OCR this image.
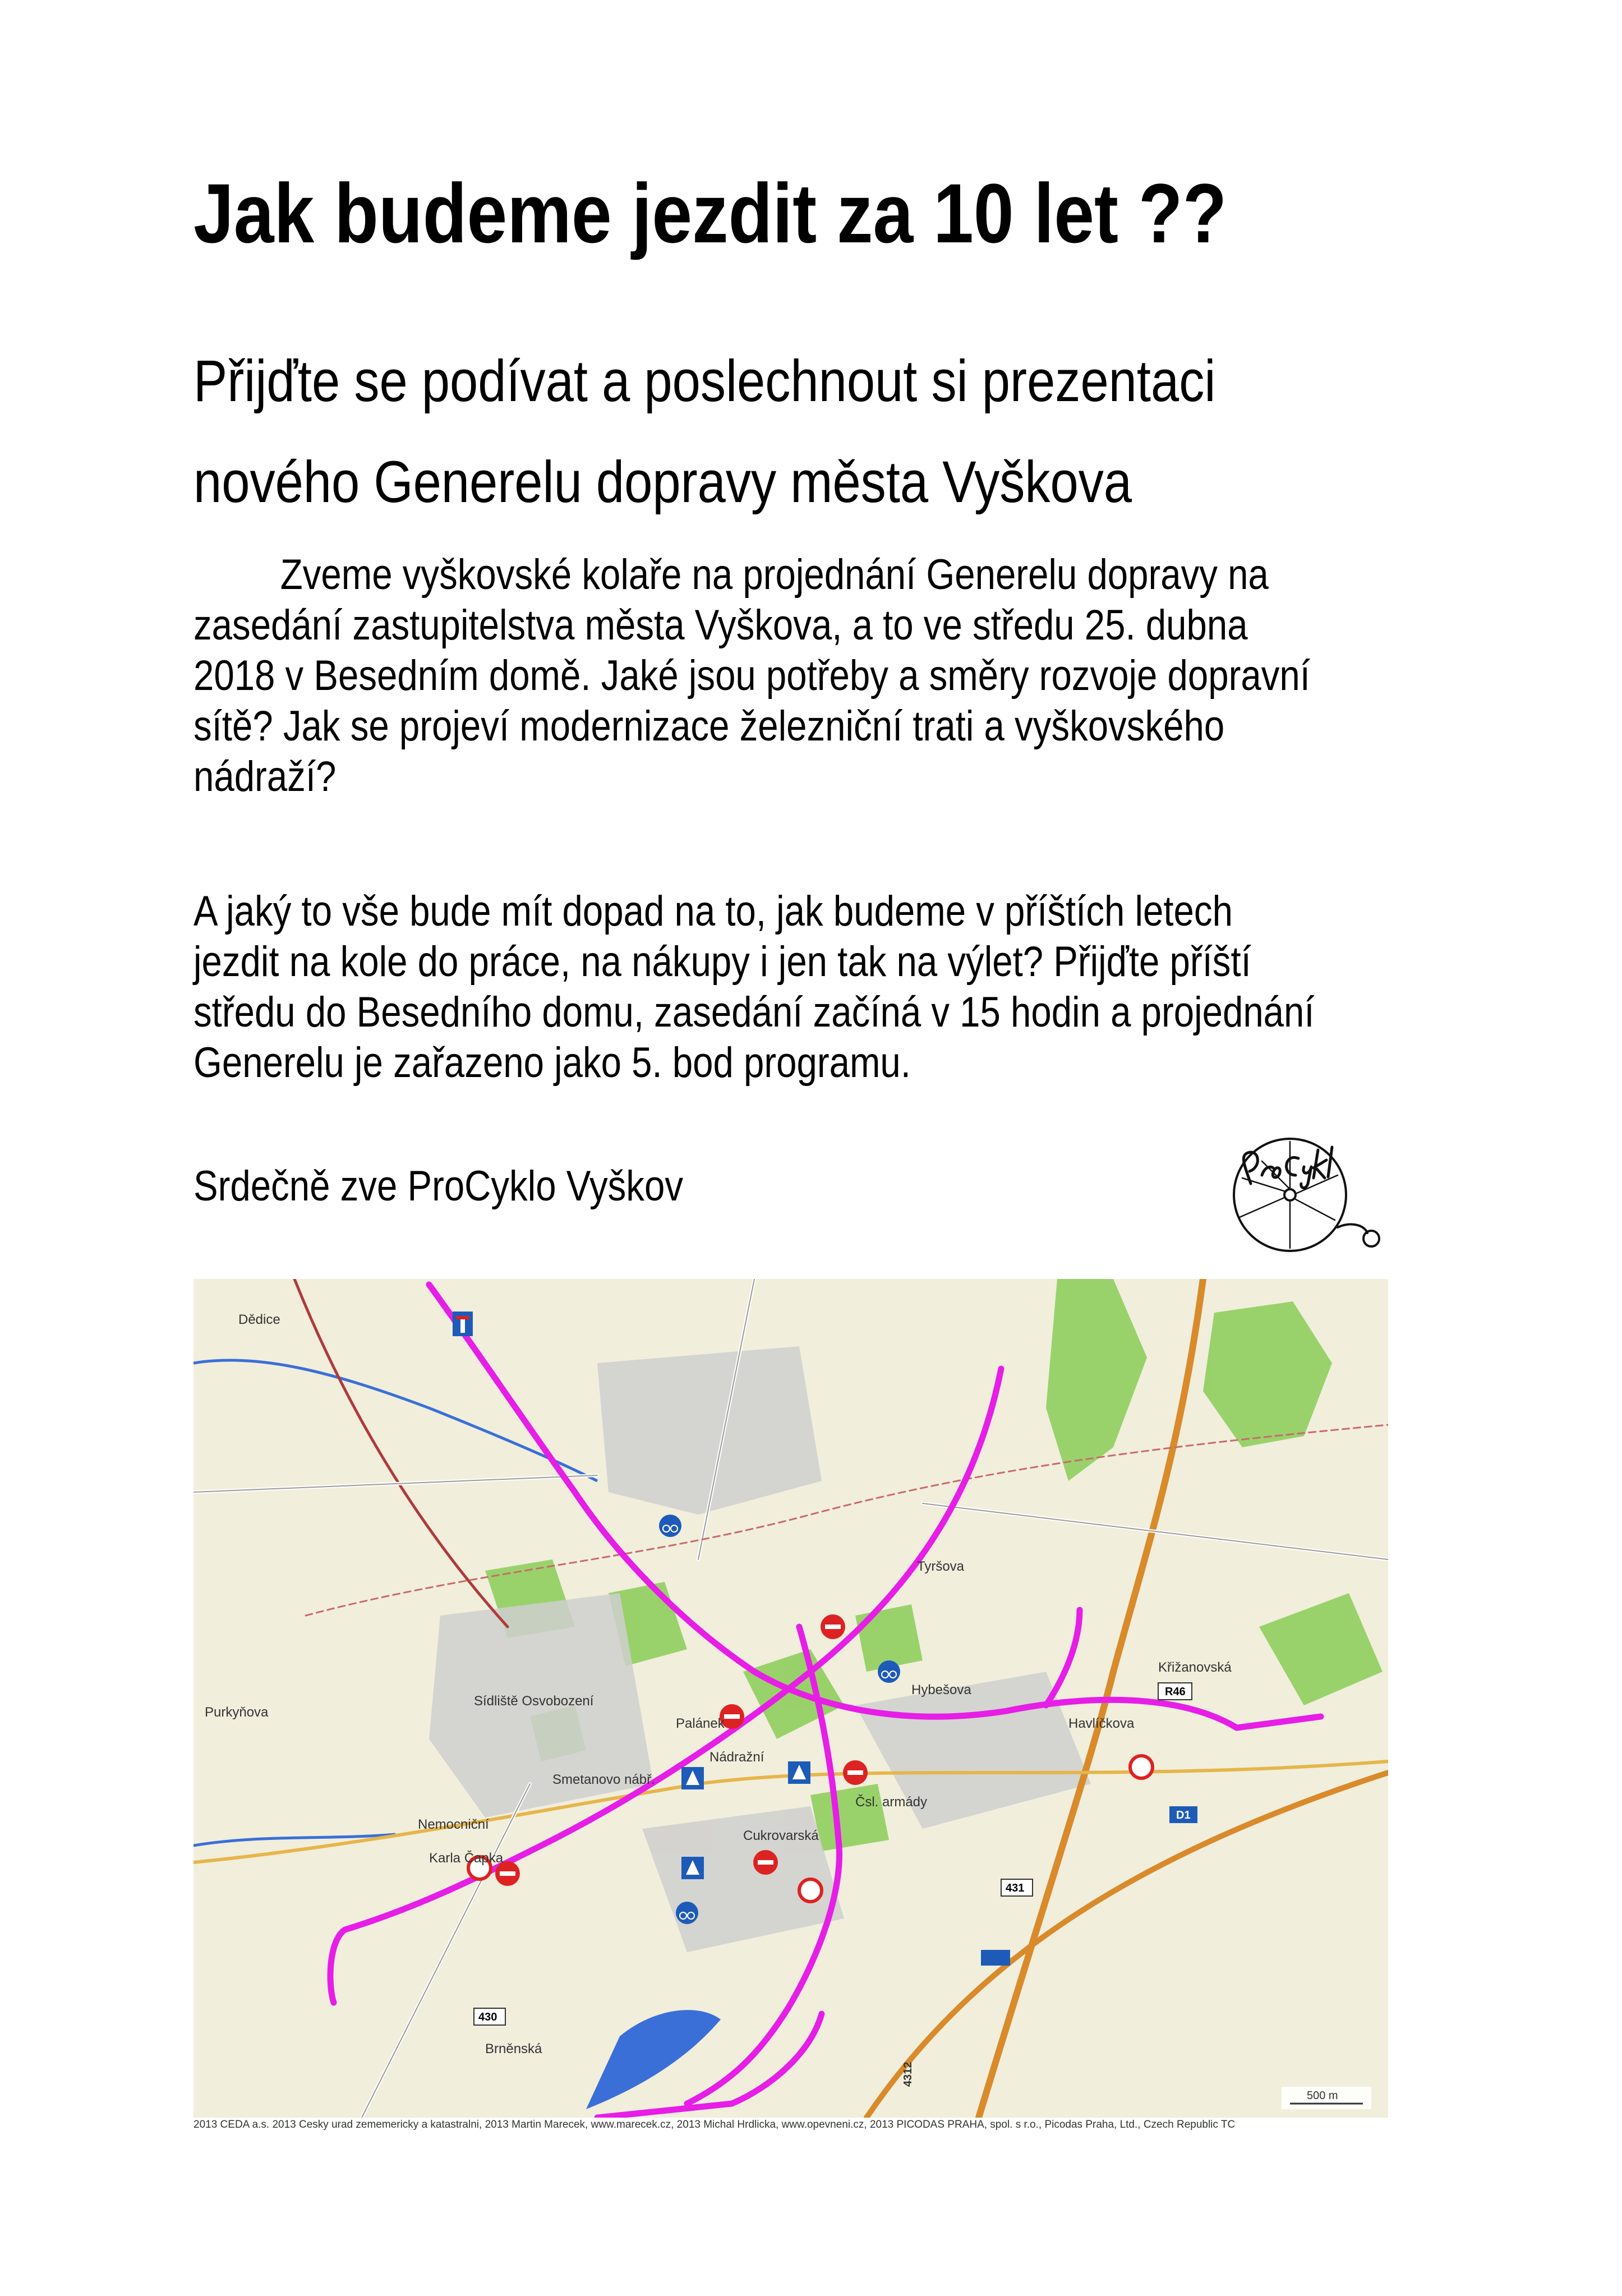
Jak budeme jezdit za 10 let ??
Přijďte se podívat a poslechnout si prezentaci
nového Generelu dopravy města Vyškova
Zveme vyškovské kolaře na projednání Generelu dopravy na
zasedání zastupitelstva města Vyškova, a to ve středu 25. dubna
2018 v Besedním domě. Jaké jsou potřeby a směry rozvoje dopravní
sítě? Jak se projeví modernizace železniční trati a vyškovského
nádraží?
A jaký to vše bude mít dopad na to, jak budeme v příštích letech
jezdit na kole do práce, na nákupy i jen tak na výlet? Přijďte příští
středu do Besedního domu, zasedání začíná v 15 hodin a projednání
Generelu je zařazeno jako 5. bod programu.
Srdečně zve ProCyklo Vyškov
Dědice
Purkyňova
Nemocniční
Karla Čapka
Brněnská
Hybešova
Tyršova
Palánek
Křižanovská
Nádražní
Cukrovarská
Sídliště Osvobození
Smetanovo nábř.
Havlíčkova
Čsl. armády
R46
D1
430
431
4312
500 m
2013 CEDA a.s. 2013 Cesky urad zememericky a katastralni, 2013 Martin Marecek, www.marecek.cz, 2013 Michal Hrdlicka, www.opevneni.cz, 2013 PICODAS PRAHA, spol. s r.o., Picodas Praha, Ltd., Czech Republic TC
